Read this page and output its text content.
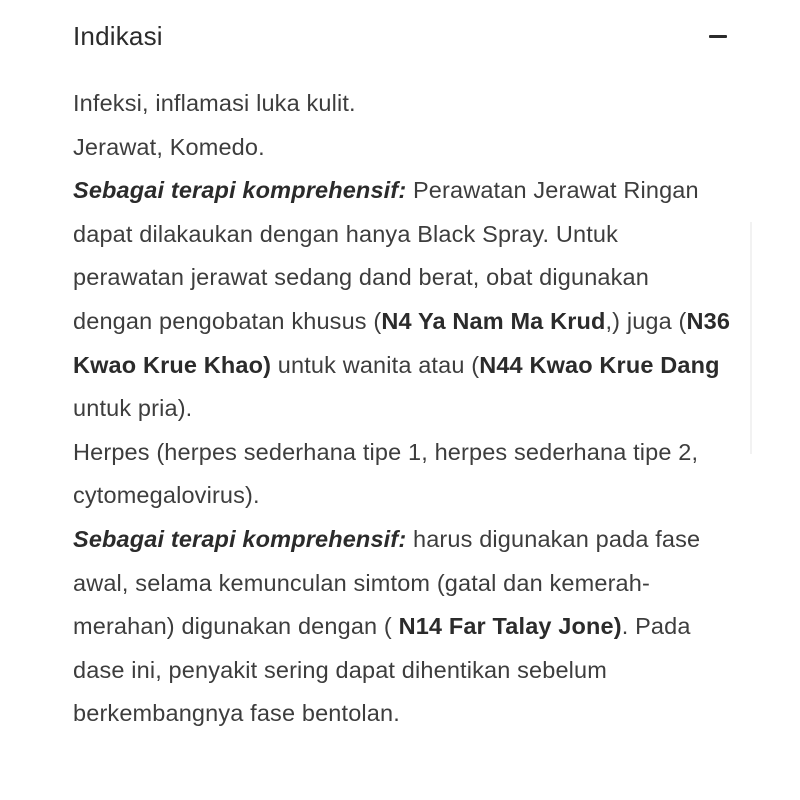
Indikasi

Infeksi, inflamasi luka kulit.

Jerawat, Komedo.

Sebagai terapi komprehensif: Perawatan Jerawat Ringan dapat dilakaukan dengan hanya Black Spray. Untuk perawatan jerawat sedang dand berat, obat digunakan dengan pengobatan khusus (N4 Ya Nam Ma Krud,) juga (N36 Kwao Krue Khao) untuk wanita atau (N44 Kwao Krue Dang untuk pria).

Herpes (herpes sederhana tipe 1, herpes sederhana tipe 2, cytomegalovirus).

Sebagai terapi komprehensif: harus digunakan pada fase awal, selama kemunculan simtom (gatal dan kemerah-merahan) digunakan dengan ( N14 Far Talay Jone). Pada dase ini, penyakit sering dapat dihentikan sebelum berkembangnya fase bentolan.
